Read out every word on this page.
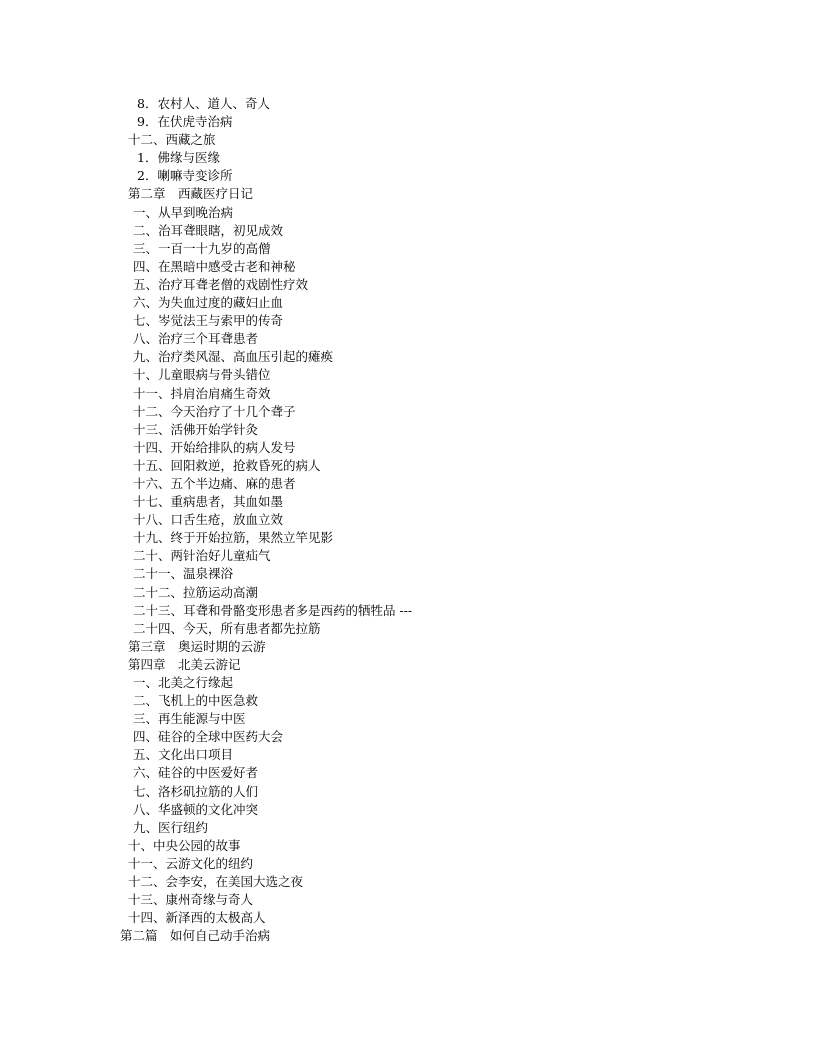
8．农村人、道人、奇人
9．在伏虎寺治病
十二、西藏之旅
1．佛缘与医缘
2．喇嘛寺变诊所
第二章　西藏医疗日记
一、从早到晚治病
二、治耳聋眼瞎，初见成效
三、一百一十九岁的高僧
四、在黑暗中感受古老和神秘
五、治疗耳聋老僧的戏剧性疗效
六、为失血过度的藏妇止血
七、岑觉法王与索甲的传奇
八、治疗三个耳聋患者
九、治疗类风湿、高血压引起的瘫痪
十、儿童眼病与骨头错位
十一、抖肩治肩痛生奇效
十二、今天治疗了十几个聋子
十三、活佛开始学针灸
十四、开始给排队的病人发号
十五、回阳救逆，抢救昏死的病人
十六、五个半边痛、麻的患者
十七、重病患者，其血如墨
十八、口舌生疮，放血立效
十九、终于开始拉筋，果然立竿见影
二十、两针治好儿童疝气
二十一、温泉裸浴
二十二、拉筋运动高潮
二十三、耳聋和骨骼变形患者多是西药的牺牲品 ---
二十四、今天，所有患者都先拉筋
第三章　奥运时期的云游
第四章　北美云游记
一、北美之行缘起
二、飞机上的中医急救
三、再生能源与中医
四、硅谷的全球中医药大会
五、文化出口项目
六、硅谷的中医爱好者
七、洛杉矶拉筋的人们
八、华盛顿的文化冲突
九、医行纽约
十、中央公园的故事
十一、云游文化的纽约
十二、会李安，在美国大选之夜
十三、康州奇缘与奇人
十四、新泽西的太极高人
第二篇　如何自己动手治病
